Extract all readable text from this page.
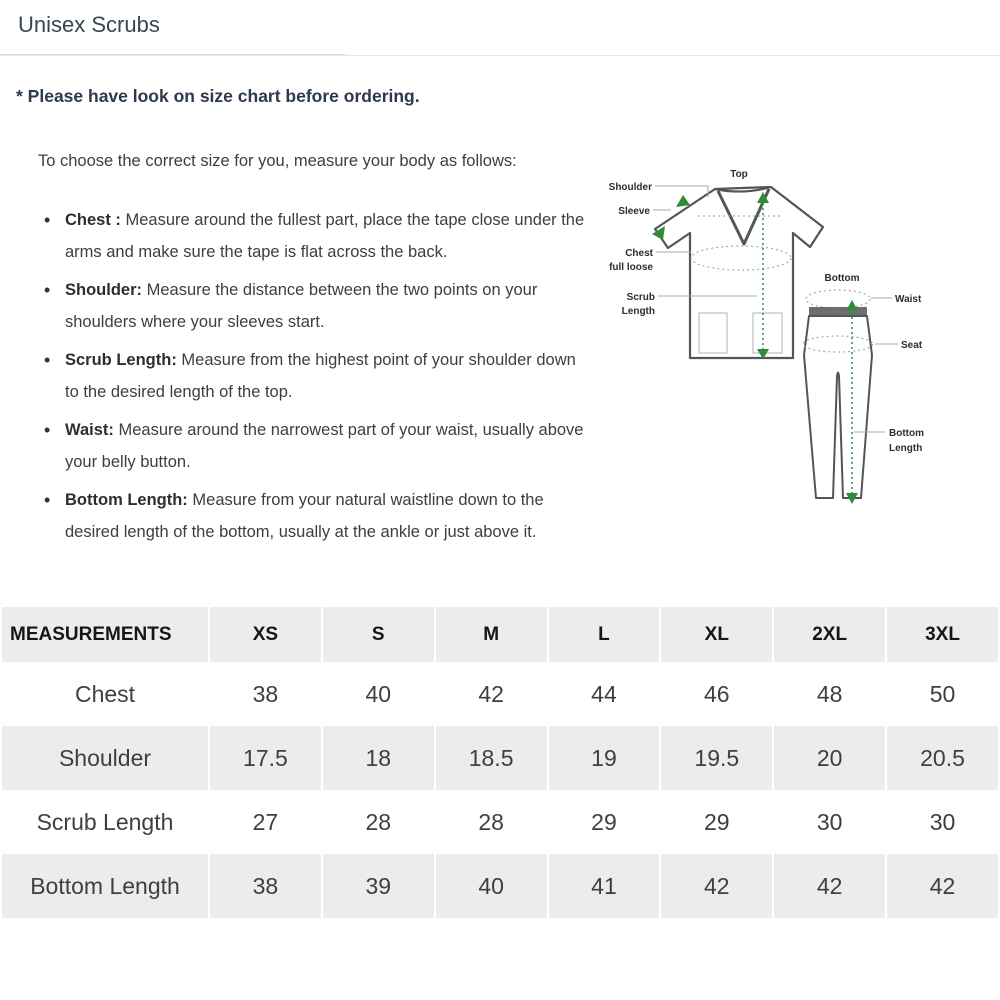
Unisex Scrubs
* Please have look on size chart before ordering.

To choose the correct size for you, measure your body as follows:

• Chest : Measure around the fullest part, place the tape close under the arms and make sure the tape is flat across the back.
• Shoulder: Measure the distance between the two points on your shoulders where your sleeves start.
• Scrub Length: Measure from the highest point of your shoulder down to the desired length of the top.
• Waist: Measure around the narrowest part of your waist, usually above your belly button.
• Bottom Length: Measure from your natural waistline down to the desired length of the bottom, usually at the ankle or just above it.
Top
Shoulder
Sleeve
Chest
full loose
Scrub
Length
Bottom
Waist
Seat
Bottom
Length
MEASUREMENTS	XS	S	M	L	XL	2XL	3XL
Chest	38	40	42	44	46	48	50
Shoulder	17.5	18	18.5	19	19.5	20	20.5
Scrub Length	27	28	28	29	29	30	30
Bottom Length	38	39	40	41	42	42	42
